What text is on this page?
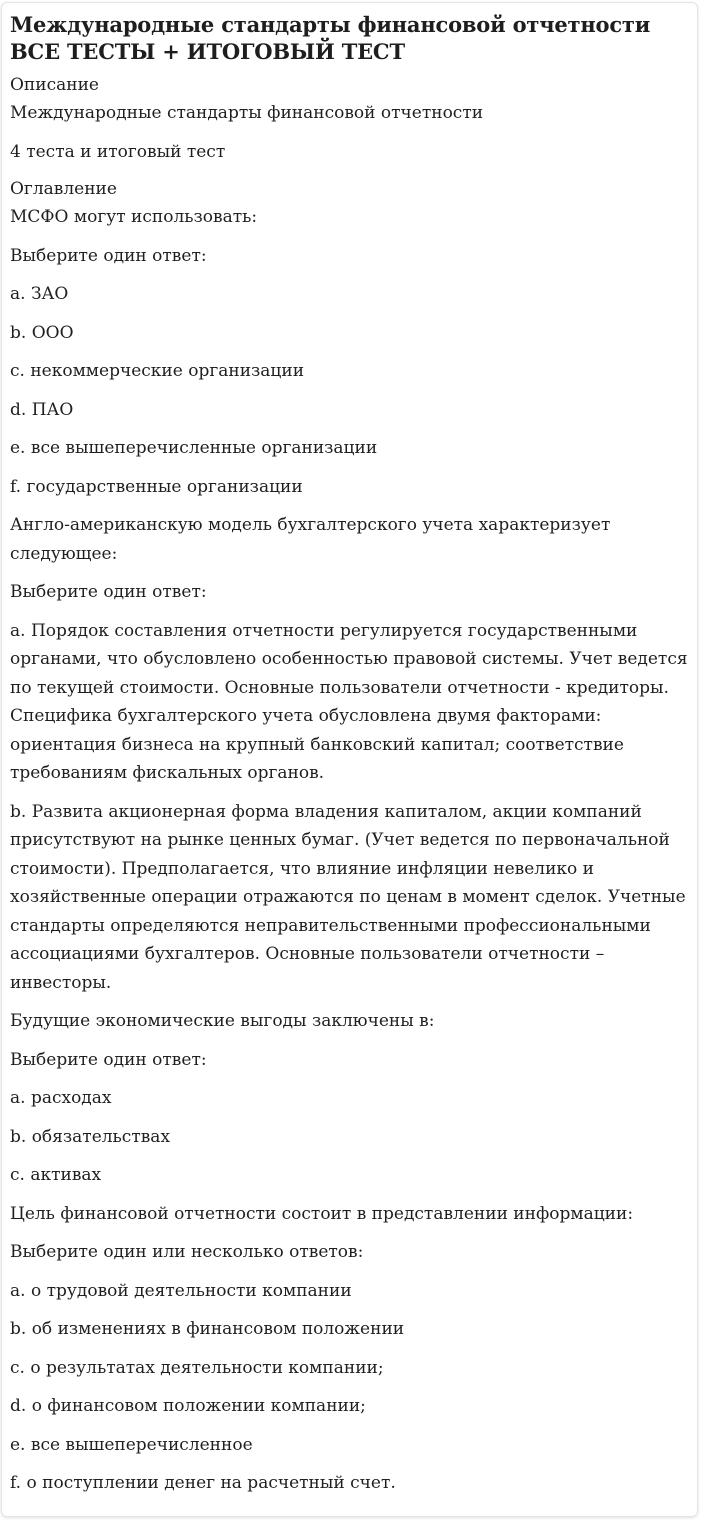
Международные стандарты финансовой отчетности ВСЕ ТЕСТЫ + ИТОГОВЫЙ ТЕСТ
Описание

Международные стандарты финансовой отчетности

4 теста и итоговый тест

Оглавление

МСФО могут использовать:

Выберите один ответ:

a. ЗАО

b. ООО

c. некоммерческие организации

d. ПАО

e. все вышеперечисленные организации

f. государственные организации

Англо-американскую модель бухгалтерского учета характеризует следующее:

Выберите один ответ:

a. Порядок составления отчетности регулируется государственными органами, что обусловлено особенностью правовой системы. Учет ведется по текущей стоимости. Основные пользователи отчетности - кредиторы. Специфика бухгалтерского учета обусловлена двумя факторами: ориентация бизнеса на крупный банковский капитал; соответствие требованиям фискальных органов.

b. Развита акционерная форма владения капиталом, акции компаний присутствуют на рынке ценных бумаг. (Учет ведется по первоначальной стоимости). Предполагается, что влияние инфляции невелико и хозяйственные операции отражаются по ценам в момент сделок. Учетные стандарты определяются неправительственными профессиональными ассоциациями бухгалтеров. Основные пользователи отчетности – инвесторы.

Будущие экономические выгоды заключены в:

Выберите один ответ:

a. расходах

b. обязательствах

c. активах

Цель финансовой отчетности состоит в представлении информации:

Выберите один или несколько ответов:

a. о трудовой деятельности компании

b. об изменениях в финансовом положении

c. о результатах деятельности компании;

d. о финансовом положении компании;

e. все вышеперечисленное

f. о поступлении денег на расчетный счет.
